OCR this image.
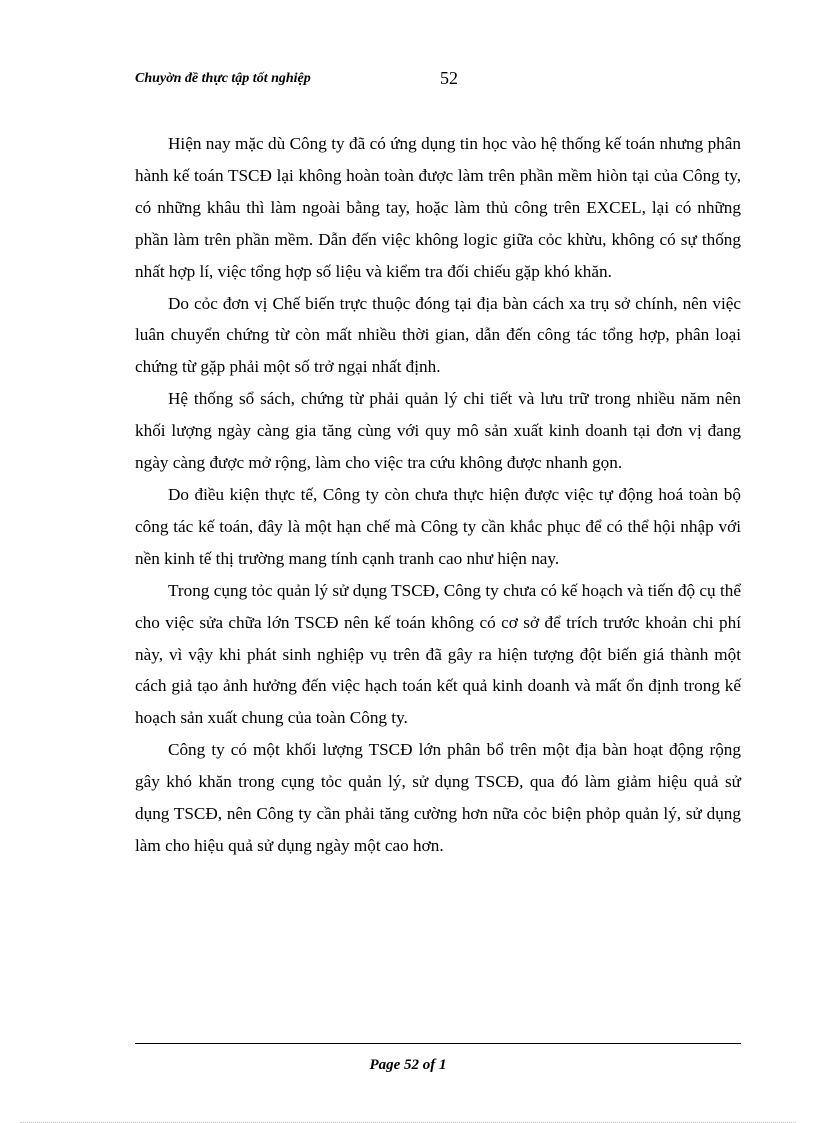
Chuyờn đề thực tập tốt nghiệp	52

Hiện nay mặc dù Công ty đã có ứng dụng tin học vào hệ thống kế toán nhưng phân hành kế toán TSCĐ lại không hoàn toàn được làm trên phần mềm hiòn tại của Công ty, có những khâu thì làm ngoài bằng tay, hoặc làm thủ công trên EXCEL, lại có những phần làm trên phần mềm. Dẫn đến việc không logic giữa cỏc khừu, không có sự thống nhất hợp lí, việc tổng hợp số liệu và kiểm tra đối chiếu gặp khó khăn.

Do cỏc đơn vị Chế biến trực thuộc đóng tại địa bàn cách xa trụ sở chính, nên việc luân chuyển chứng từ còn mất nhiều thời gian, dẫn đến công tác tổng hợp, phân loại chứng từ gặp phải một số trở ngại nhất định.

Hệ thống sổ sách, chứng từ phải quản lý chi tiết và lưu trữ trong nhiều năm nên khối lượng ngày càng gia tăng cùng với quy mô sản xuất kinh doanh tại đơn vị đang ngày càng được mở rộng, làm cho việc tra cứu không được nhanh gọn.

Do điều kiện thực tế, Công ty còn chưa thực hiện được việc tự động hoá toàn bộ công tác kế toán, đây là một hạn chế mà Công ty cần khắc phục để có thể hội nhập với nền kinh tế thị trường mang tính cạnh tranh cao như hiện nay.

Trong cụng tỏc quản lý sử dụng TSCĐ, Công ty chưa có kế hoạch và tiến độ cụ thể cho việc sửa chữa lớn TSCĐ nên kế toán không có cơ sở để trích trước khoản chi phí này, vì vậy khi phát sinh nghiệp vụ trên đã gây ra hiện tượng đột biến giá thành một cách giả tạo ảnh hưởng đến việc hạch toán kết quả kinh doanh và mất ổn định trong kế hoạch sản xuất chung của toàn Công ty.

Công ty có một khối lượng TSCĐ lớn phân bổ trên một địa bàn hoạt động rộng gây khó khăn trong cụng tỏc quản lý, sử dụng TSCĐ, qua đó làm giảm hiệu quả sử dụng TSCĐ, nên Công ty cần phải tăng cường hơn nữa cỏc biện phỏp quản lý, sử dụng làm cho hiệu quả sử dụng ngày một cao hơn.

Page 52 of 1
